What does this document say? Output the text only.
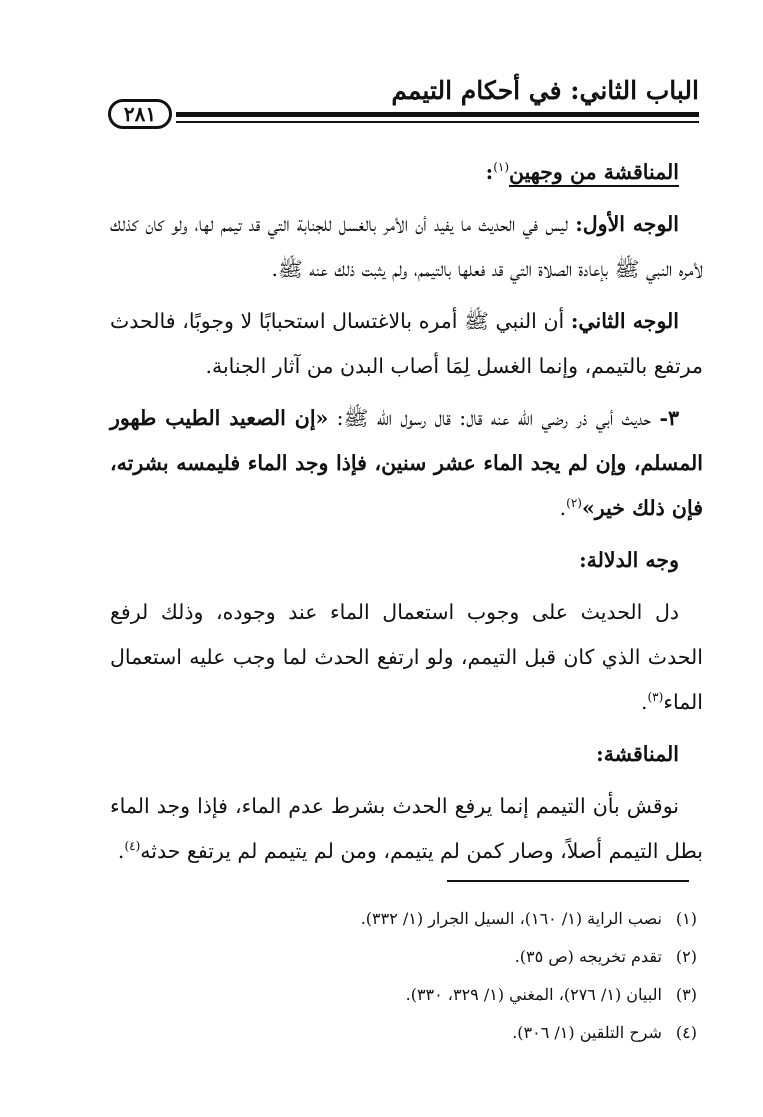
الباب الثاني: في أحكام التيمم
٢٨١

المناقشة من وجهين$^{(١)}$:

الوجه الأول: ليس في الحديث ما يفيد أن الأمر بالغسل للجنابة التي قد تيمم لها، ولو كان كذلك لأمره النبي ﷺ بإعادة الصلاة التي قد فعلها بالتيمم، ولم يثبت ذلك عنه ﷺ.

الوجه الثاني: أن النبي ﷺ أمره بالاغتسال استحبابًا لا وجوبًا، فالحدث مرتفع بالتيمم، وإنما الغسل لِمَا أصاب البدن من آثار الجنابة.

٣- حديث أبي ذر رضي الله عنه قال: قال رسول الله ﷺ: «إن الصعيد الطيب طهور المسلم، وإن لم يجد الماء عشر سنين، فإذا وجد الماء فليمسه بشرته، فإن ذلك خير»$^{(٢)}$.

وجه الدلالة:

دل الحديث على وجوب استعمال الماء عند وجوده، وذلك لرفع الحدث الذي كان قبل التيمم، ولو ارتفع الحدث لما وجب عليه استعمال الماء$^{(٣)}$.

المناقشة:

نوقش بأن التيمم إنما يرفع الحدث بشرط عدم الماء، فإذا وجد الماء بطل التيمم أصلاً، وصار كمن لم يتيمم، ومن لم يتيمم لم يرتفع حدثه$^{(٤)}$.

(١)نصب الراية (١/ ١٦٠)، السيل الجرار (١/ ٣٣٢).
(٢)تقدم تخريجه (ص ٣٥).
(٣)البيان (١/ ٢٧٦)، المغني (١/ ٣٢٩، ٣٣٠).
(٤)شرح التلقين (١/ ٣٠٦).
